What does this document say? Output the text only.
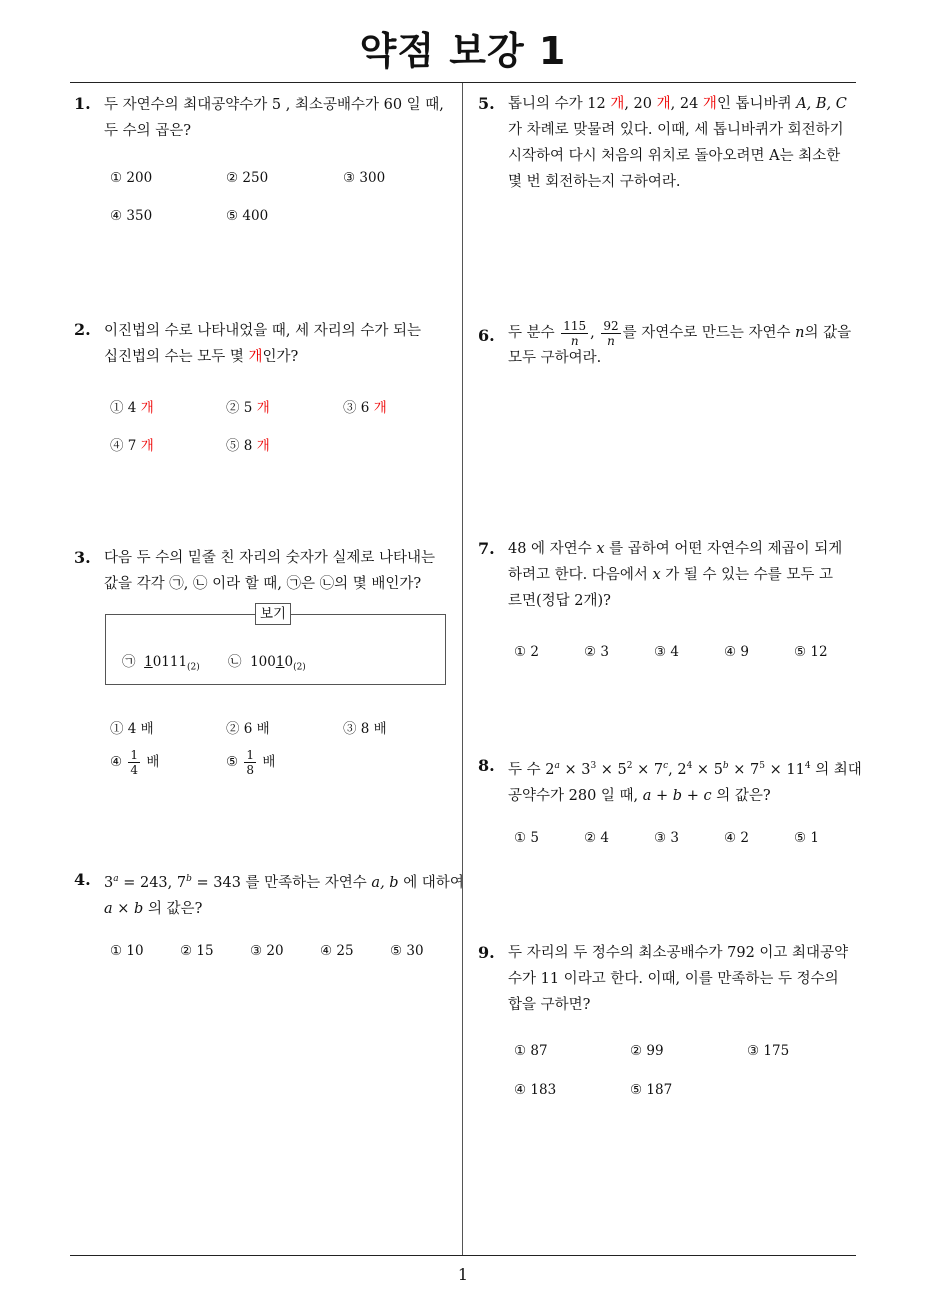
약점 보강 1
1. 두 자연수의 최대공약수가 5 , 최소공배수가 60 일 때,
두 수의 곱은?
① 200	② 250	③ 300
④ 350	⑤ 400
2. 이진법의 수로 나타내었을 때, 세 자리의 수가 되는
십진법의 수는 모두 몇 개인가?
① 4 개	② 5 개	③ 6 개
④ 7 개	⑤ 8 개
3. 다음 두 수의 밑줄 친 자리의 숫자가 실제로 나타내는
값을 각각 ㉠, ㉡ 이라 할 때, ㉠은 ㉡의 몇 배인가?
보기
㉠ $10111_{(2)}$ ㉡ $10010_{(2)}$
① 4 배	② 6 배	③ 8 배
④ $\frac{1}{4}$ 배	⑤ $\frac{1}{8}$ 배
4. $3^a = 243$, $7^b = 343$ 를 만족하는 자연수 a, b 에 대하여
a × b 의 값은?
① 10	② 15	③ 20	④ 25	⑤ 30
5. 톱니의 수가 12 개, 20 개, 24 개인 톱니바퀴 A, B, C
가 차례로 맞물려 있다. 이때, 세 톱니바퀴가 회전하기
시작하여 다시 처음의 위치로 돌아오려면 A는 최소한
몇 번 회전하는지 구하여라.
6. 두 분수 $\frac{115}{n}$ , $\frac{92}{n}$ 를 자연수로 만드는 자연수 n의 값을
모두 구하여라.
7. 48 에 자연수 x 를 곱하여 어떤 자연수의 제곱이 되게
하려고 한다. 다음에서 x 가 될 수 있는 수를 모두 고
르면(정답 2개)?
① 2	② 3	③ 4	④ 9	⑤ 12
8. 두 수 $2^a \times 3^3 \times 5^2 \times 7^c$, $2^4 \times 5^b \times 7^5 \times 11^4$ 의 최대
공약수가 280 일 때, a + b + c 의 값은?
① 5	② 4	③ 3	④ 2	⑤ 1
9. 두 자리의 두 정수의 최소공배수가 792 이고 최대공약
수가 11 이라고 한다. 이때, 이를 만족하는 두 정수의
합을 구하면?
① 87	② 99	③ 175
④ 183	⑤ 187
1
